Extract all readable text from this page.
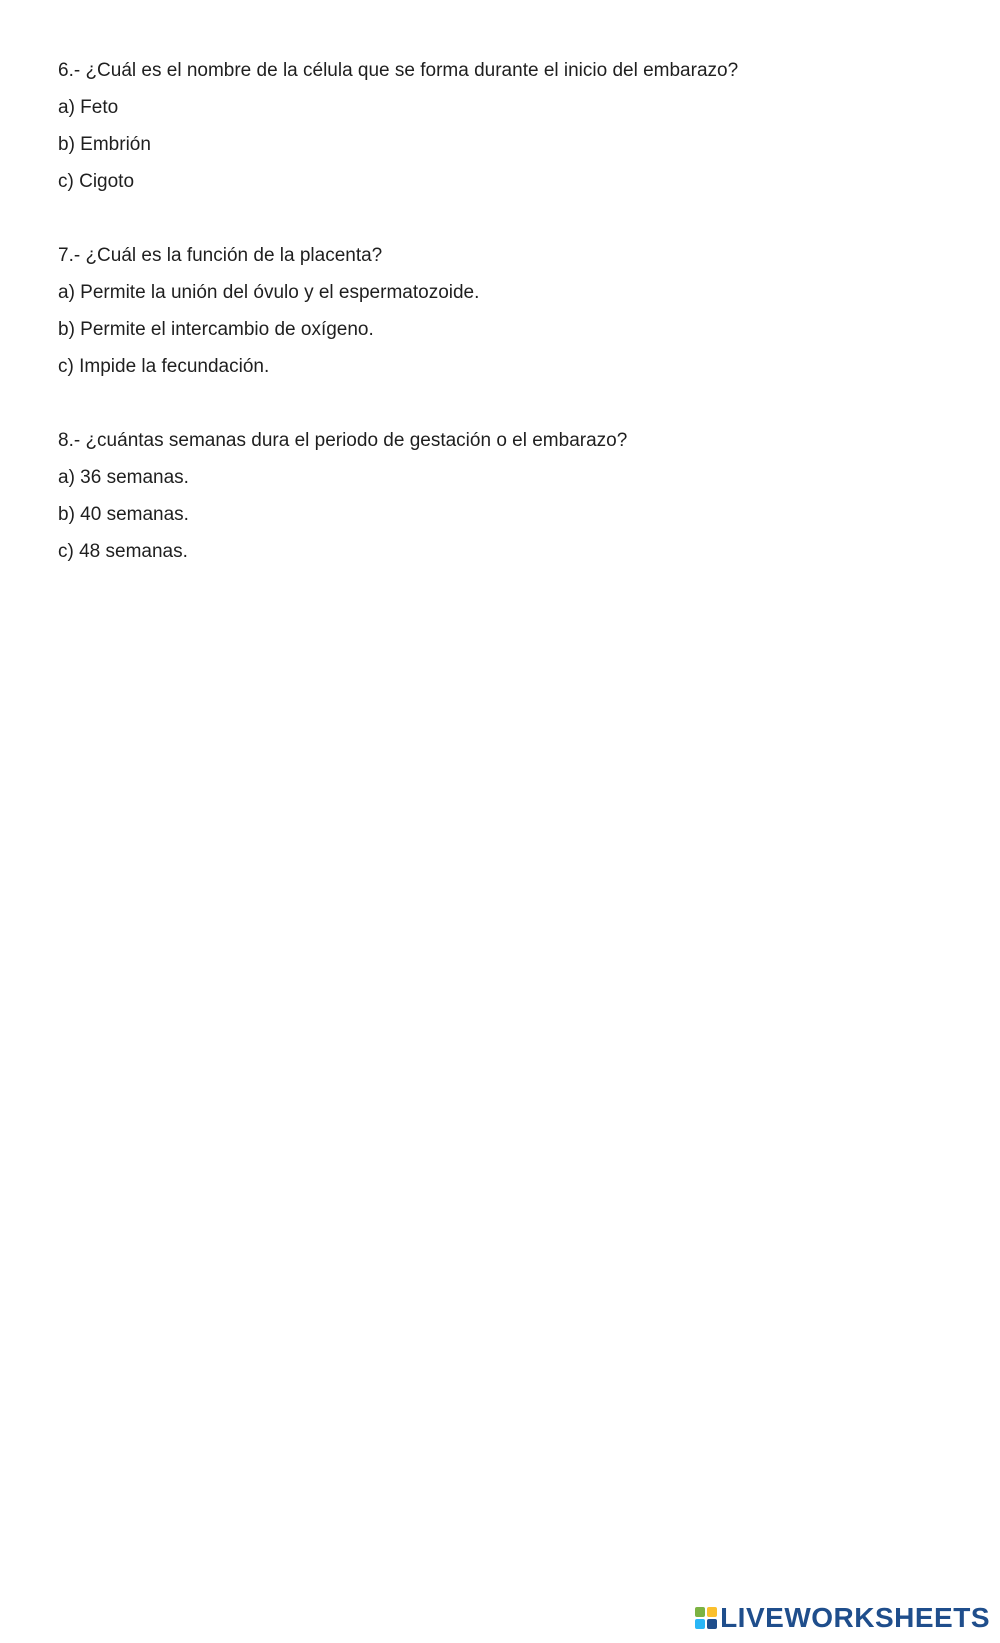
6.- ¿Cuál es el nombre de la célula que se forma durante el inicio del embarazo?
a) Feto
b) Embrión
c) Cigoto
7.- ¿Cuál es la función de la placenta?
a) Permite la unión del óvulo y el espermatozoide.
b) Permite el intercambio de oxígeno.
c) Impide la fecundación.
8.- ¿cuántas semanas dura el periodo de gestación o el embarazo?
a) 36 semanas.
b) 40 semanas.
c) 48 semanas.
LIVEWORKSHEETS
